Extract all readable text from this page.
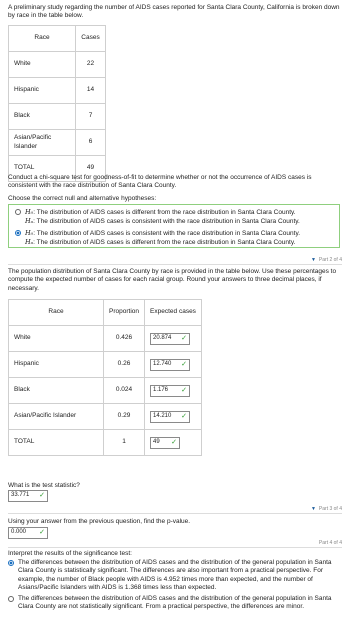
A preliminary study regarding the number of AIDS cases reported for Santa Clara County, California is broken down by race in the table below.

Race	Cases
White	22
Hispanic	14
Black	7
Asian/Pacific Islander	6
TOTAL	49

Conduct a chi-square test for goodness-of-fit to determine whether or not the occurrence of AIDS cases is consistent with the race distribution of Santa Clara County.

Choose the correct null and alternative hypotheses:

H₀: The distribution of AIDS cases is different from the race distribution in Santa Clara County.
Hₐ: The distribution of AIDS cases is consistent with the race distribution in Santa Clara County.
H₀: The distribution of AIDS cases is consistent with the race distribution in Santa Clara County.
Hₐ: The distribution of AIDS cases is different from the race distribution in Santa Clara County.
▼ Part 2 of 4

The population distribution of Santa Clara County by race is provided in the table below. Use these percentages to compute the expected number of cases for each racial group. Round your answers to three decimal places, if necessary.

Race	Proportion	Expected cases
White	0.426	20.874 ✓

Hispanic	0.26	12.740 ✓

Black	0.024	1.176 ✓

Asian/Pacific Islander	0.29	14.210 ✓

TOTAL	1	49 ✓

What is the test statistic?

33.771 ✓
▼ Part 3 of 4

Using your answer from the previous question, find the p-value.

0.000 ✓
Part 4 of 4

Interpret the results of the significance test:

The differences between the distribution of AIDS cases and the distribution of the general population in Santa Clara County is statistically significant. The differences are also important from a practical perspective. For example, the number of Black people with AIDS is 4.952 times more than expected, and the number of Asians/Pacific Islanders with AIDS is 1.368 times less than expected.
The differences between the distribution of AIDS cases and the distribution of the general population in Santa Clara County are not statistically significant. From a practical perspective, the differences are minor.
